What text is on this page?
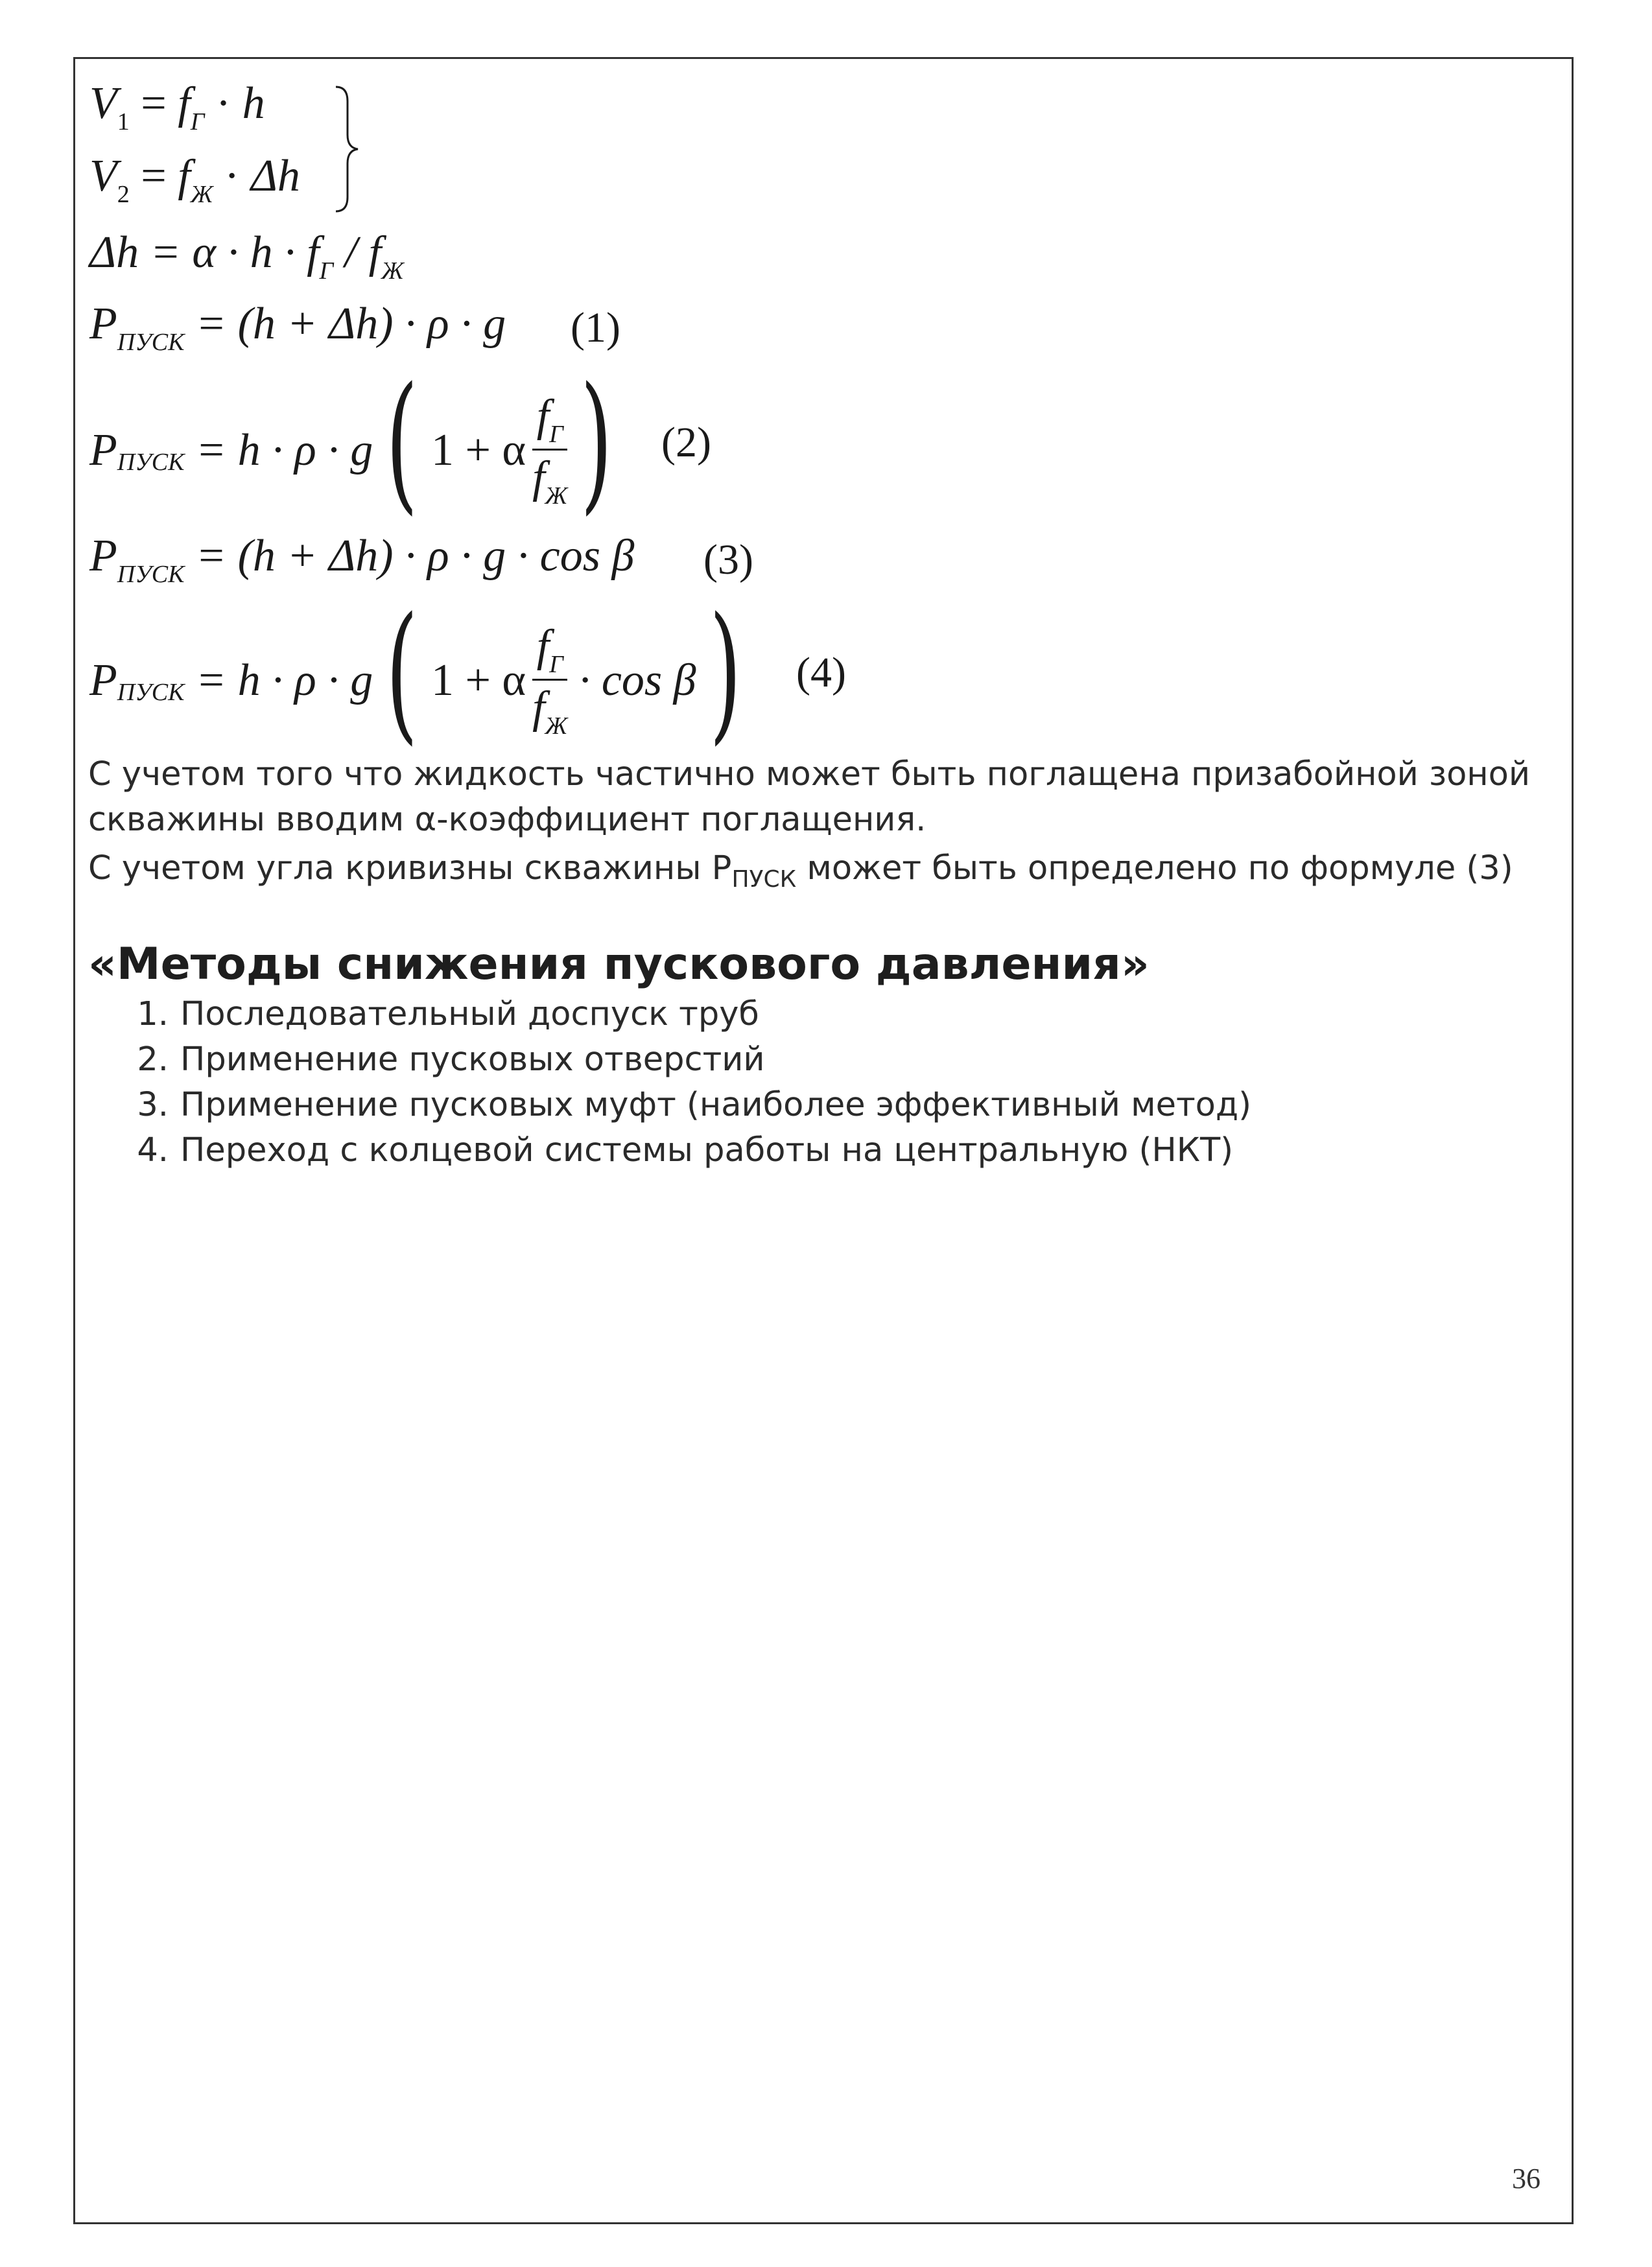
$V_1 = f_Г \cdot h$
$V_2 = f_Ж \cdot \Delta h$
$\Delta h = \alpha \cdot h \cdot f_Г / f_Ж$
$P_{ПУСК} = (h + \Delta h) \cdot \rho \cdot g$ (1)
P ПУСК
= h · ρ · g ( 1 + α $\frac{f_Г}{f_Ж}$ ) (2)
$P_{ПУСК} = (h + \Delta h) \cdot \rho \cdot g \cdot \cos \beta$ (3)
P ПУСК
= h · ρ · g ( 1 + α $\frac{f_Г}{f_Ж}$
· cos β ) (4)
С учетом того что жидкость частично может быть поглащена призабойной зоной
скважины вводим α-коэффициент поглащения.
С учетом угла кривизны скважины $P_{ПУСК}$ может быть определено по формуле (3)
«Методы снижения пускового давления»
1. Последовательный доспуск труб
2. Применение пусковых отверстий
3. Применение пусковых муфт (наиболее эффективный метод)
4. Переход с колцевой системы работы на центральную (НКТ)
36
